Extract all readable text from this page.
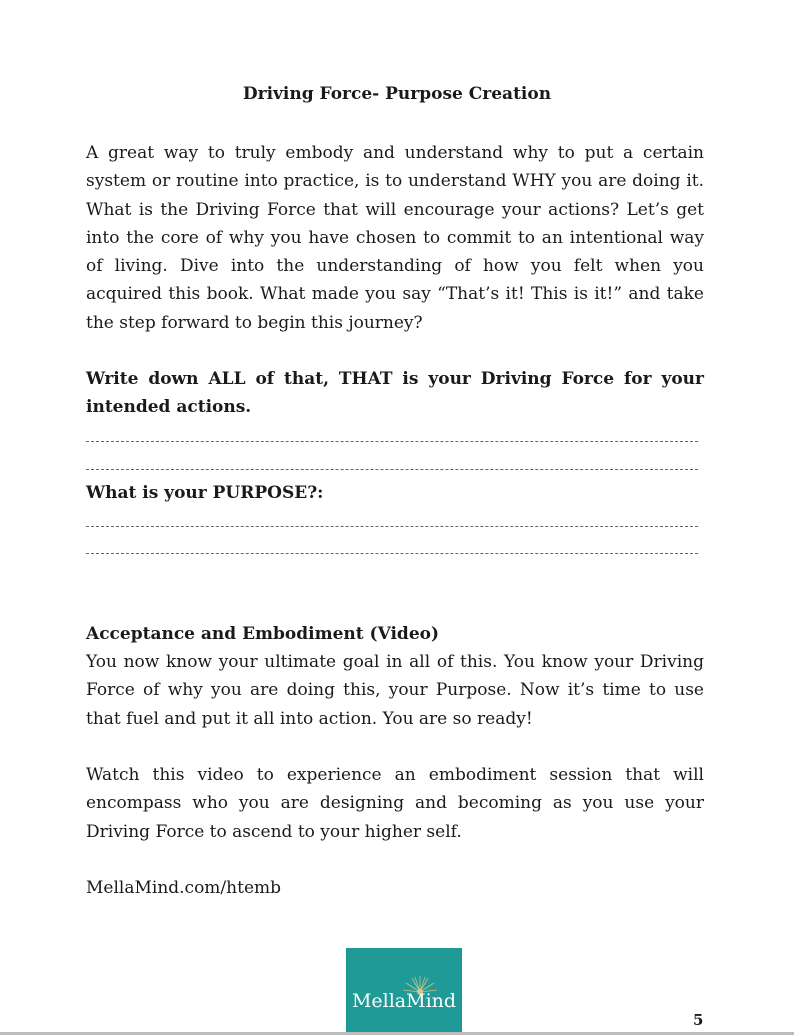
Driving Force- Purpose Creation

A great way to truly embody and understand why to put a certain system or routine into practice, is to understand WHY you are doing it. What is the Driving Force that will encourage your actions? Let’s get into the core of why you have chosen to commit to an intentional way of living. Dive into the understanding of how you felt when you acquired this book. What made you say “That’s it! This is it!” and take the step forward to begin this journey?

Write down ALL of that, THAT is your Driving Force for your intended actions.

What is your PURPOSE?:

Acceptance and Embodiment (Video)

You now know your ultimate goal in all of this. You know your Driving Force of why you are doing this, your Purpose. Now it’s time to use that fuel and put it all into action. You are so ready!

Watch this video to experience an embodiment session that will encompass who you are designing and becoming as you use your Driving Force to ascend to your higher self.

MellaMind.com/htemb

MellaMind
5
